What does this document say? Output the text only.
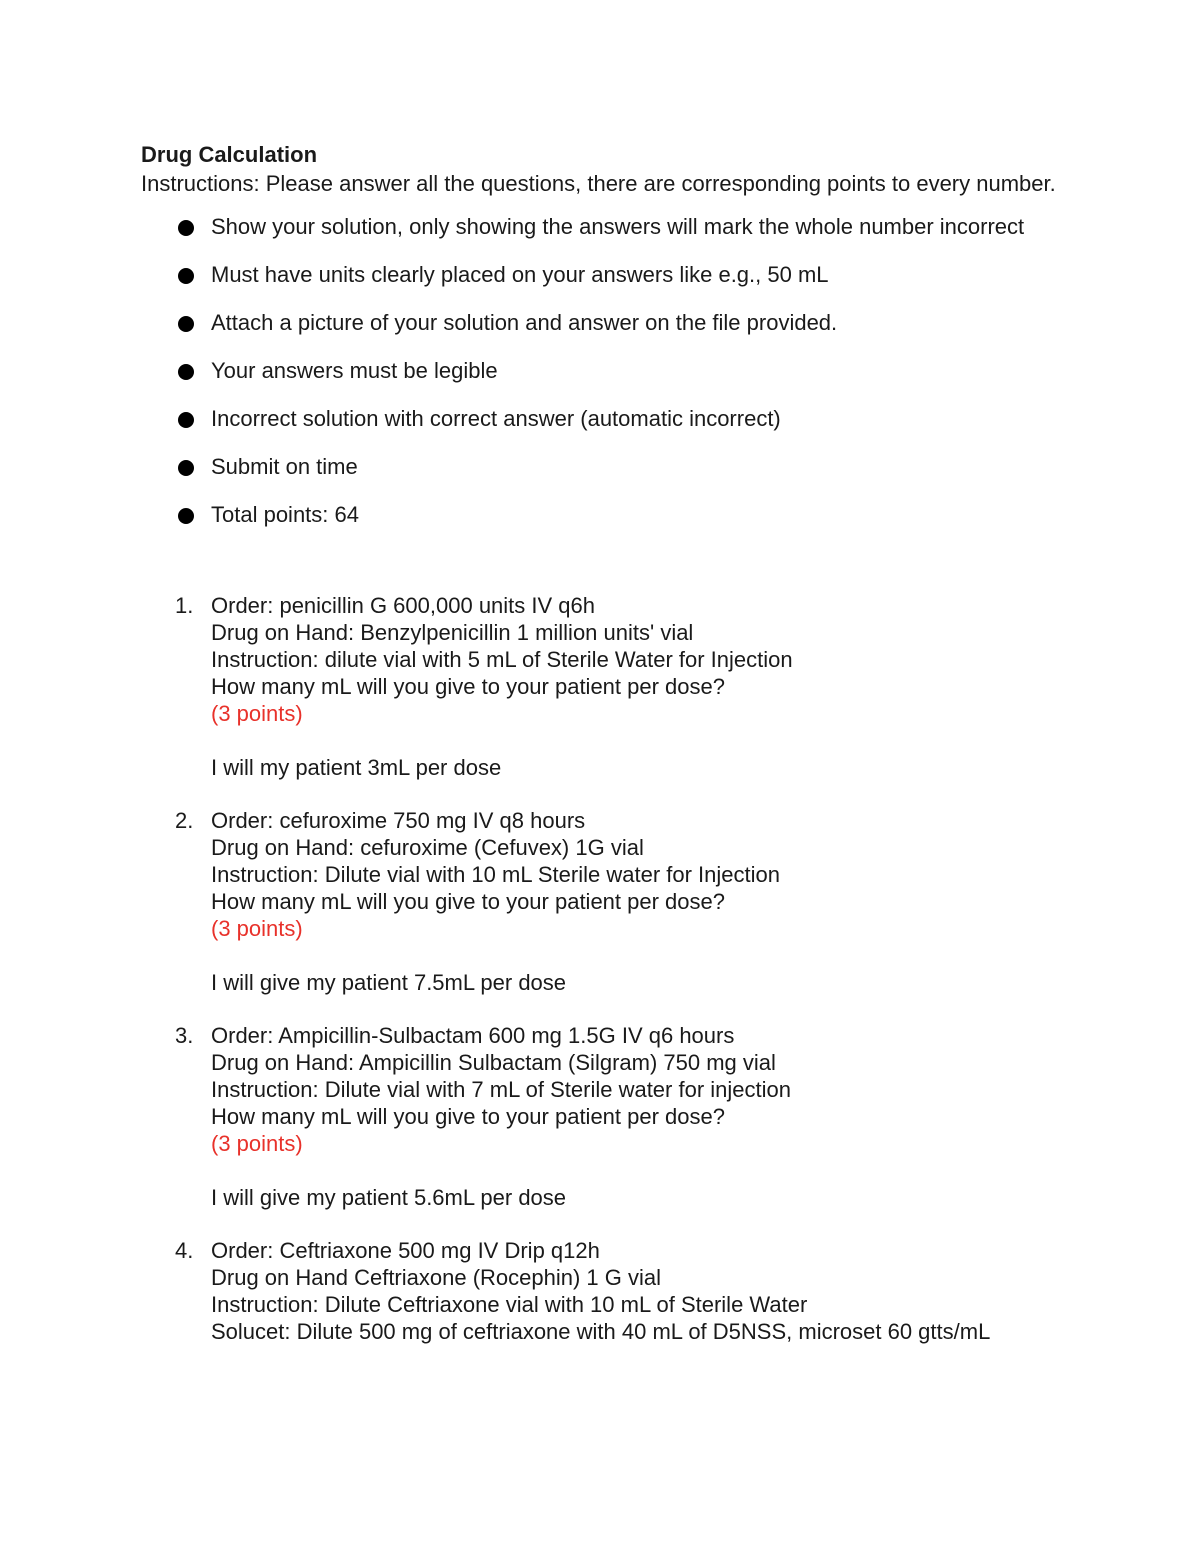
Drug Calculation

Instructions: Please answer all the questions, there are corresponding points to every number.

Show your solution, only showing the answers will mark the whole number incorrect
Must have units clearly placed on your answers like e.g., 50 mL
Attach a picture of your solution and answer on the file provided.
Your answers must be legible
Incorrect solution with correct answer (automatic incorrect)
Submit on time
Total points: 64
1. Order: penicillin G 600,000 units IV q6h
Drug on Hand: Benzylpenicillin 1 million units' vial
Instruction: dilute vial with 5 mL of Sterile Water for Injection
How many mL will you give to your patient per dose?
(3 points)
I will my patient 3mL per dose
2. Order: cefuroxime 750 mg IV q8 hours
Drug on Hand: cefuroxime (Cefuvex) 1G vial
Instruction: Dilute vial with 10 mL Sterile water for Injection
How many mL will you give to your patient per dose?
(3 points)
I will give my patient 7.5mL per dose
3. Order: Ampicillin-Sulbactam 600 mg 1.5G IV q6 hours
Drug on Hand: Ampicillin Sulbactam (Silgram) 750 mg vial
Instruction: Dilute vial with 7 mL of Sterile water for injection
How many mL will you give to your patient per dose?
(3 points)
I will give my patient 5.6mL per dose
4. Order: Ceftriaxone 500 mg IV Drip q12h
Drug on Hand Ceftriaxone (Rocephin) 1 G vial
Instruction: Dilute Ceftriaxone vial with 10 mL of Sterile Water
Solucet: Dilute 500 mg of ceftriaxone with 40 mL of D5NSS, microset 60 gtts/mL
